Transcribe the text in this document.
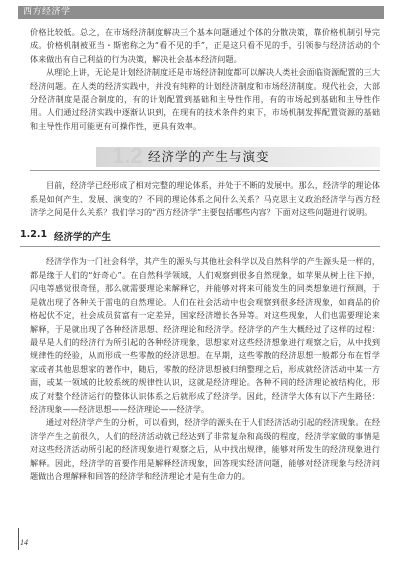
西方经济学

价格比较低。总之，在市场经济制度解决三个基本问题通过个体的分散决策，靠价格机制引导完成。价格机制被亚当・斯密称之为“看不见的手”，正是这只看不见的手，引领参与经济活动的个体来做出有自己利益的行为决策，解决社会基本经济问题。

从理论上讲，无论是计划经济制度还是市场经济制度都可以解决人类社会面临资源配置的三大经济问题。在人类的经济实践中，并没有纯粹的计划经济制度和市场经济制度。现代社会，大部分经济制度是混合制度的，有的计划配置到基础和主导性作用，有的市场起到基础和主导性作用。人们通过经济实践中逐渐认识到，在现有的技术条件约束下，市场机制发挥配置资源的基础和主导性作用可能更有可操作性，更具有效率。

1.2 经济学的产生与演变

目前，经济学已经形成了相对完整的理论体系，并处于不断的发展中。那么，经济学的理论体系是如何产生、发展、演变的？不同的理论体系之间什么关系？马克思主义政治经济学与西方经济学之间是什么关系？我们学习的“西方经济学”主要包括哪些内容？下面对这些问题进行说明。

1.2.1 经济学的产生

经济学作为一门社会科学，其产生的源头与其他社会科学以及自然科学的产生源头是一样的，都是缘于人们的“好奇心”。在自然科学领域，人们观察到很多自然现象，如苹果从树上往下掉，闪电等感觉很奇怪，那么就需要理论来解释它，并能够对将来可能发生的同类想象进行预测，于是就出现了各种关于雷电的自然理论。人们在社会活动中也会观察到很多经济现象，如商品的价格起伏不定，社会成员贫富有一定差异，国家经济增长各异等。对这些现象，人们也需要理论来解释，于是就出现了各种经济思想、经济理论和经济学。经济学的产生大概经过了这样的过程：最早是人们的经济行为所引起的各种经济现象，思想家对这些经济想象进行观察之后，从中找到规律性的经验，从而形成一些零散的经济思想。在早期，这些零散的经济思想一般都分布在哲学家或者其他思想家的著作中，随后，零散的经济思想被归纳整理之后，形成就经济活动中某一方面，或某一领域的比较系统的规律性认识，这就是经济理论。各种不同的经济理论被结构化，形成了对整个经济运行的整体认识体系之后就形成了经济学。因此，经济学大体有以下产生路径：经济现象——经济思想——经济理论——经济学。

通过对经济学产生的分析，可以看到，经济学的源头在于人们经济活动引起的经济现象。在经济学产生之前很久，人们的经济活动就已经达到了非常复杂和高级的程度，经济学家做的事情是对这些经济活动所引起的经济现象进行观察之后，从中找出规律，能够对所发生的经济现象进行解释。因此，经济学的首要作用是解释经济现象，回答现实经济问题，能够对经济现象与经济问题做出合理解释和回答的经济学和经济理论才是有生命力的。

14
